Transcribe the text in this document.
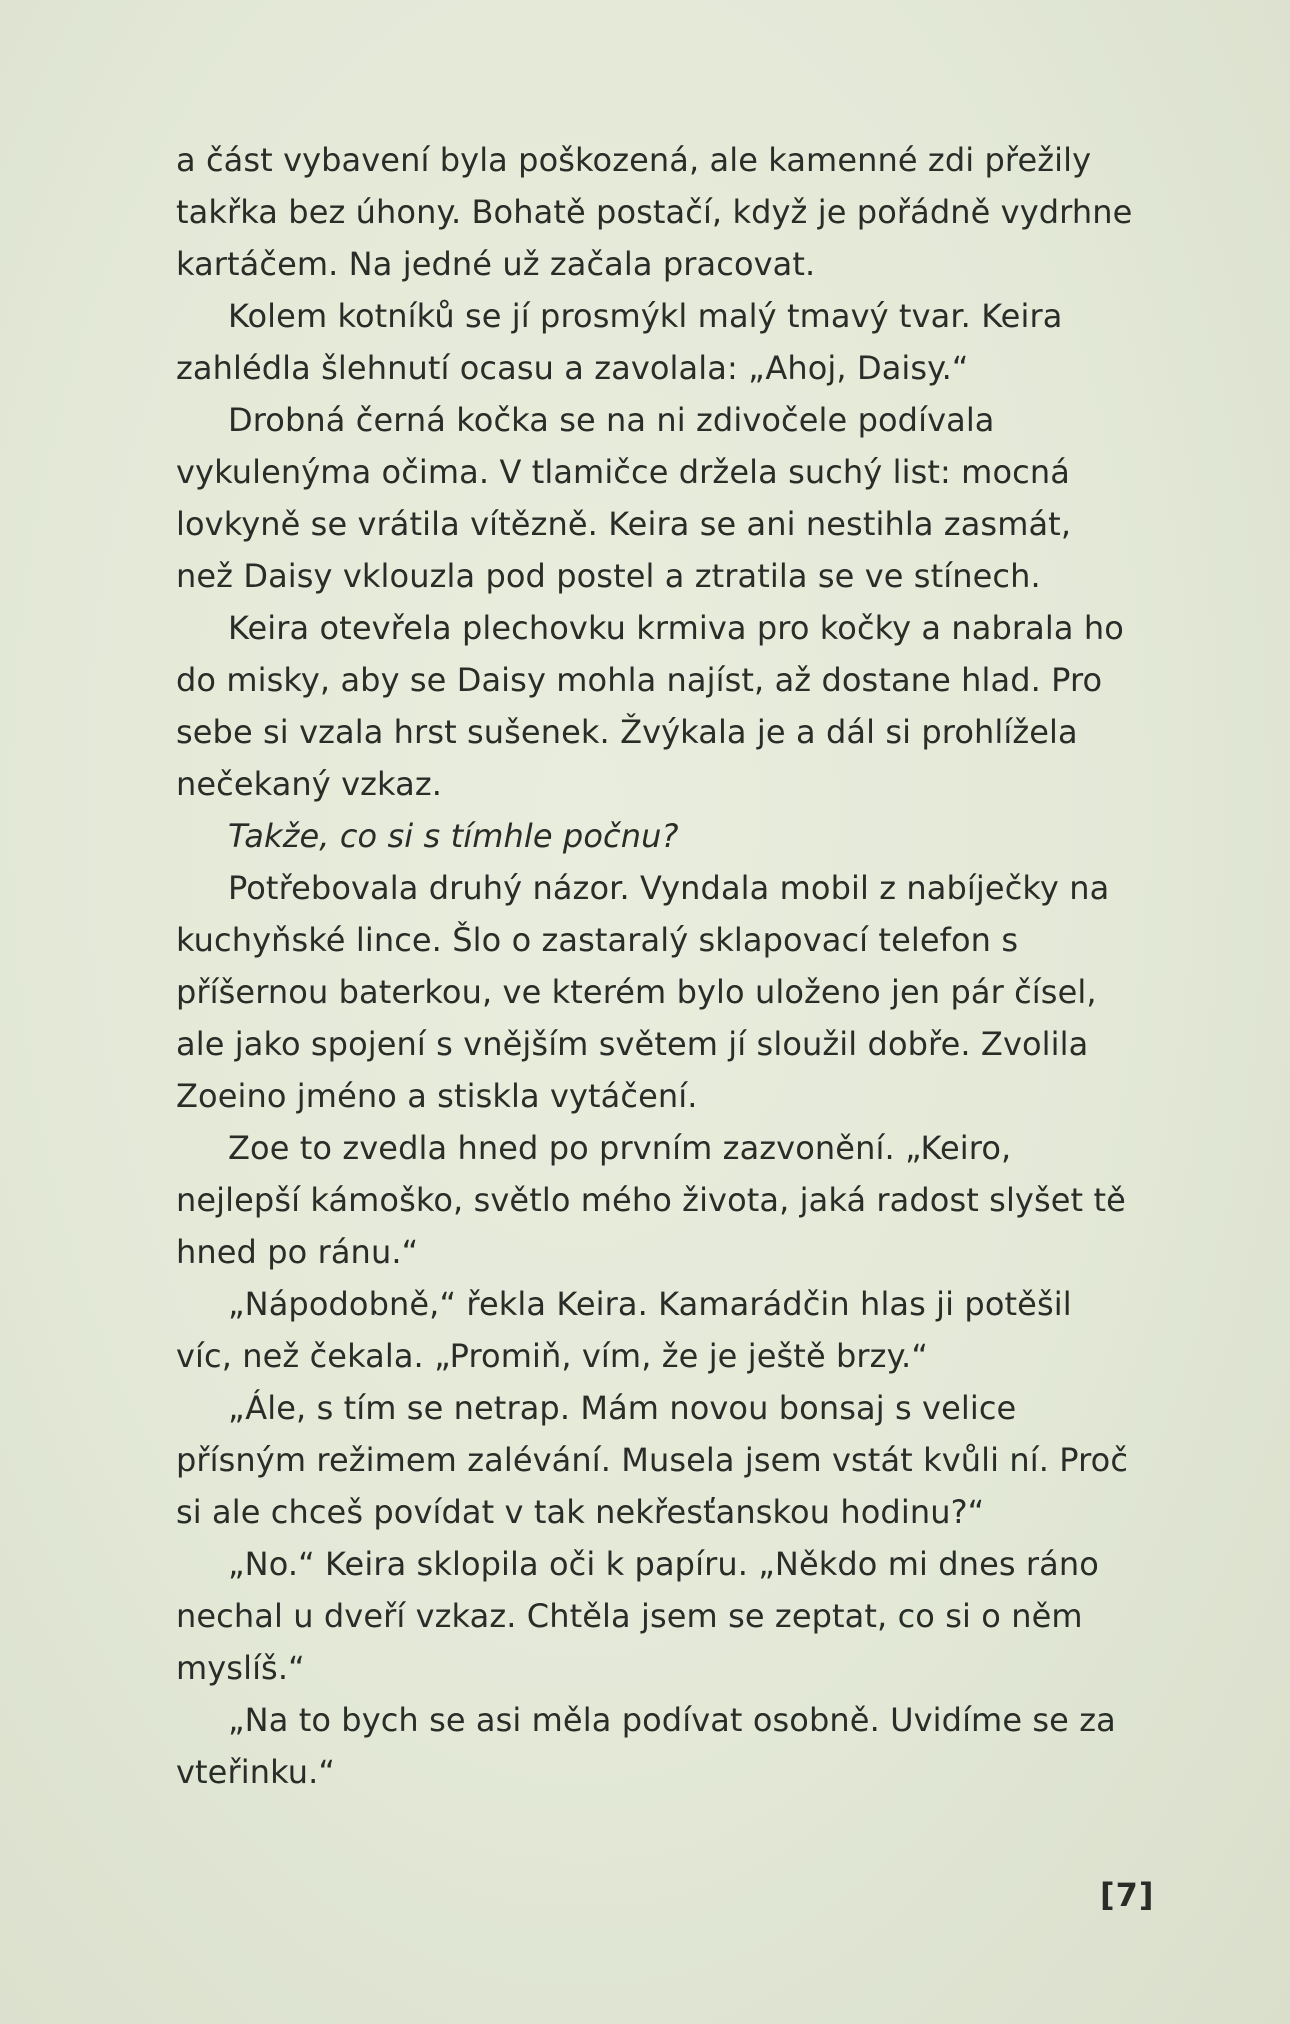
a část vybavení byla poškozená, ale kamenné zdi přežily takřka bez úhony. Bohatě postačí, když je pořádně vydrhne kartáčem. Na jedné už začala pracovat.

Kolem kotníků se jí prosmýkl malý tmavý tvar. Keira zahlédla šlehnutí ocasu a zavolala: „Ahoj, Daisy.“

Drobná černá kočka se na ni zdivočele podívala vykulenýma očima. V tlamičce držela suchý list: mocná lovkyně se vrátila vítězně. Keira se ani nestihla zasmát, než Daisy vklouzla pod postel a ztratila se ve stínech.

Keira otevřela plechovku krmiva pro kočky a nabrala ho do misky, aby se Daisy mohla najíst, až dostane hlad. Pro sebe si vzala hrst sušenek. Žvýkala je a dál si prohlížela nečekaný vzkaz.

Takže, co si s tímhle počnu?

Potřebovala druhý názor. Vyndala mobil z nabíječky na kuchyňské lince. Šlo o zastaralý sklapovací telefon s příšernou baterkou, ve kterém bylo uloženo jen pár čísel, ale jako spojení s vnějším světem jí sloužil dobře. Zvolila Zoeino jméno a stiskla vytáčení.

Zoe to zvedla hned po prvním zazvonění. „Keiro, nejlepší kámoško, světlo mého života, jaká radost slyšet tě hned po ránu.“

„Nápodobně,“ řekla Keira. Kamarádčin hlas ji potěšil víc, než čekala. „Promiň, vím, že je ještě brzy.“

„Ále, s tím se netrap. Mám novou bonsaj s velice přísným režimem zalévání. Musela jsem vstát kvůli ní. Proč si ale chceš povídat v tak nekřesťanskou hodinu?“

„No.“ Keira sklopila oči k papíru. „Někdo mi dnes ráno nechal u dveří vzkaz. Chtěla jsem se zeptat, co si o něm myslíš.“

„Na to bych se asi měla podívat osobně. Uvidíme se za vteřinku.“

[7]
